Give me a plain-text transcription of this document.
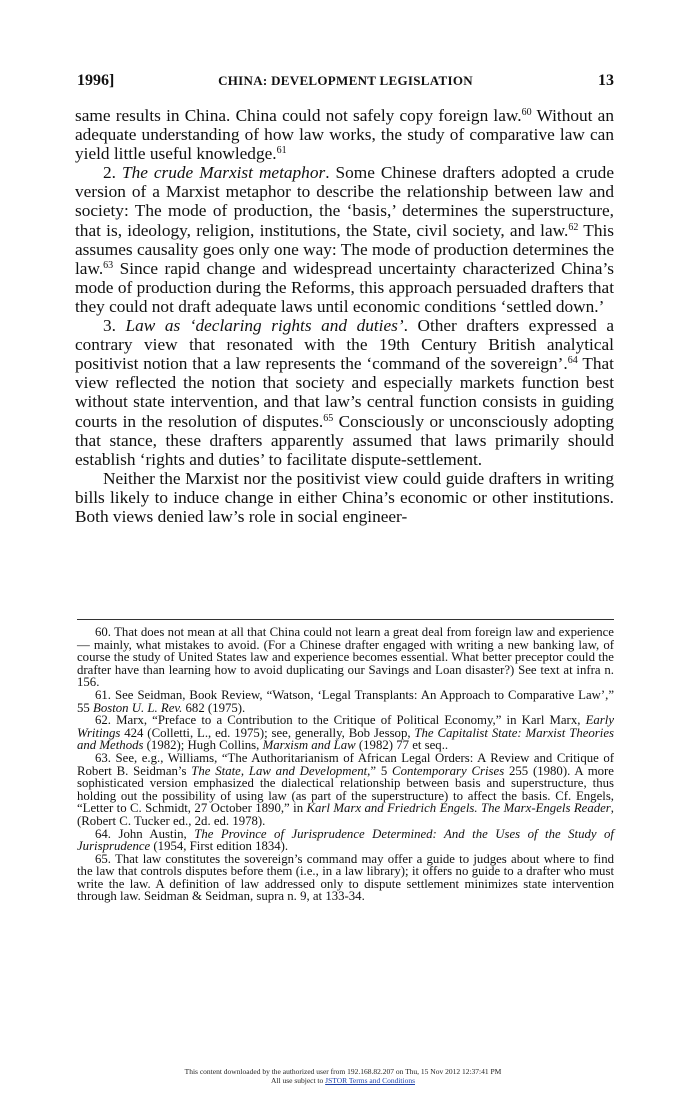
1996]	CHINA: DEVELOPMENT LEGISLATION	13

same results in China. China could not safely copy foreign law.$^{60}$ Without an adequate understanding of how law works, the study of comparative law can yield little useful knowledge.$^{61}$

2. The crude Marxist metaphor. Some Chinese drafters adopted a crude version of a Marxist metaphor to describe the relationship between law and society: The mode of production, the ‘basis,’ determines the superstructure, that is, ideology, religion, institutions, the State, civil society, and law.$^{62}$ This assumes causality goes only one way: The mode of production determines the law.$^{63}$ Since rapid change and widespread uncertainty characterized China’s mode of production during the Reforms, this approach persuaded drafters that they could not draft adequate laws until economic conditions ‘settled down.’

3. Law as ‘declaring rights and duties’. Other drafters expressed a contrary view that resonated with the 19th Century British analytical positivist notion that a law represents the ‘command of the sovereign’.$^{64}$ That view reflected the notion that society and especially markets function best without state intervention, and that law’s central function consists in guiding courts in the resolution of disputes.$^{65}$ Consciously or unconsciously adopting that stance, these drafters apparently assumed that laws primarily should establish ‘rights and duties’ to facilitate dispute-settlement.

Neither the Marxist nor the positivist view could guide drafters in writing bills likely to induce change in either China’s economic or other institutions. Both views denied law’s role in social engineer-

60. That does not mean at all that China could not learn a great deal from foreign law and experience — mainly, what mistakes to avoid. (For a Chinese drafter engaged with writing a new banking law, of course the study of United States law and experience becomes essential. What better preceptor could the drafter have than learning how to avoid duplicating our Savings and Loan disaster?) See text at infra n. 156.

61. See Seidman, Book Review, “Watson, ‘Legal Transplants: An Approach to Comparative Law’,” 55 Boston U. L. Rev. 682 (1975).

62. Marx, “Preface to a Contribution to the Critique of Political Economy,” in Karl Marx, Early Writings 424 (Colletti, L., ed. 1975); see, generally, Bob Jessop, The Capitalist State: Marxist Theories and Methods (1982); Hugh Collins, Marxism and Law (1982) 77 et seq..

63. See, e.g., Williams, “The Authoritarianism of African Legal Orders: A Review and Critique of Robert B. Seidman’s The State, Law and Development,” 5 Contemporary Crises 255 (1980). A more sophisticated version emphasized the dialectical relationship between basis and superstructure, thus holding out the possibility of using law (as part of the superstructure) to affect the basis. Cf. Engels, “Letter to C. Schmidt, 27 October 1890,” in Karl Marx and Friedrich Engels. The Marx-Engels Reader, (Robert C. Tucker ed., 2d. ed. 1978).

64. John Austin, The Province of Jurisprudence Determined: And the Uses of the Study of Jurisprudence (1954, First edition 1834).

65. That law constitutes the sovereign’s command may offer a guide to judges about where to find the law that controls disputes before them (i.e., in a law library); it offers no guide to a drafter who must write the law. A definition of law addressed only to dispute settlement minimizes state intervention through law. Seidman & Seidman, supra n. 9, at 133-34.

This content downloaded by the authorized user from 192.168.82.207 on Thu, 15 Nov 2012 12:37:41 PM
All use subject to JSTOR Terms and Conditions
